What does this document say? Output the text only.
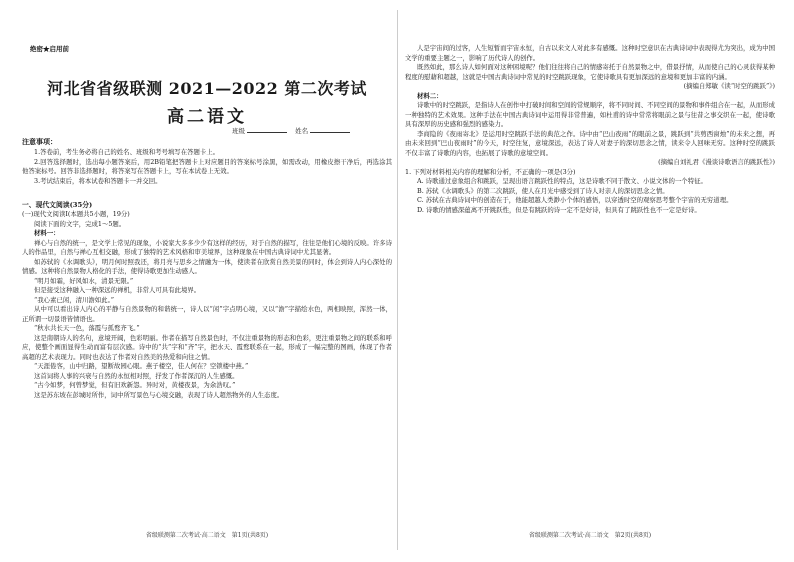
绝密★启用前
河北省省级联测 2021—2022 第二次考试
高二语文
班级	姓名
注意事项：

1.答卷前，考生务必将自己的姓名、班级和考号填写在答题卡上。

2.回答选择题时，选出每小题答案后，用2B铅笔把答题卡上对应题目的答案标号涂黑，如需改动，用橡皮擦干净后，再选涂其他答案标号。回答非选择题时，将答案写在答题卡上，写在本试卷上无效。

3.考试结束后，将本试卷和答题卡一并交回。

一、现代文阅读(35分)

(一)现代文阅读Ⅰ(本题共5小题，19分)

阅读下面的文字，完成1～5题。

材料一：

禅心与自然的统一，是文学上常见的现象，小说家大多多少少有这样的经历，对于自然的描写，往往是他们心境的反映。许多诗人的作品里，自然与禅心互相交融，形成了独特的艺术风格和审美境界，这种现象在中国古典诗词中尤其显著。

如苏轼的《水调歌头》，明月何时照我还，将月亮与思乡之情融为一体，使读者在欣赏自然美景的同时，体会到诗人内心深处的情感。这种将自然景物人格化的手法，使得诗歌更加生动感人。

“明月如霜，好风如水，清景无限。”

但是接受这种融入一种深远的禅机，非常人可具有此境界。

“我心素已闲，清川澹如此。”

从中可以看出诗人内心的平静与自然景物的和谐统一，诗人以“闲”字点明心境，又以“澹”字描绘水色，两相映照，浑然一体，正所谓一切景语皆情语也。

“秋水共长天一色，落霞与孤鹜齐飞。”

这是南朝诗人的名句，意境开阔，色彩明丽。作者在描写自然景色时，不仅注重景物的形态和色彩，更注重景物之间的联系和呼应，使整个画面显得生动而富有层次感。诗中的“共”字和“齐”字，把水天、霞鹜联系在一起，形成了一幅完整的图画，体现了作者高超的艺术表现力。同时也表达了作者对自然美的热爱和向往之情。

“天涯倦客，山中归路，望断故园心眼。燕子楼空，佳人何在？空锁楼中燕。”

这首词将人事的兴衰与自然的永恒相对照，抒发了作者深沉的人生感慨。

“古今如梦，何曾梦觉，但有旧欢新怨。异时对，黄楼夜景，为余浩叹。”

这是苏东坡在彭城时所作，词中所写景色与心境交融，表现了诗人超然物外的人生态度。

省级联测第二次考试·高二语文　第1页(共8页)

人是宇宙间的过客，人生短暂而宇宙永恒，自古以来文人对此多有感慨。这种时空意识在古典诗词中表现得尤为突出，成为中国文学的重要主题之一，影响了历代诗人的创作。

既然如此，那么诗人如何面对这种困境呢？他们往往将自己的情感寄托于自然景物之中，借景抒情，从而使自己的心灵获得某种程度的慰藉和超越，这就是中国古典诗词中常见的时空跳跃现象，它使诗歌具有更加深远的意境和更加丰富的内涵。

(摘编自郑敏《读“时空的跳跃”》)

材料二：

诗歌中的时空跳跃，是指诗人在创作中打破时间和空间的常规顺序，将不同时间、不同空间的景物和事件组合在一起，从而形成一种独特的艺术效果。这种手法在中国古典诗词中运用得非常普遍，如杜甫的诗中常常将眼前之景与往昔之事交织在一起，使诗歌具有深厚的历史感和强烈的感染力。

李商隐的《夜雨寄北》是运用时空跳跃手法的典范之作。诗中由“巴山夜雨”的眼前之景，跳跃到“共剪西窗烛”的未来之想，再由未来回到“巴山夜雨时”的今天，时空往复，意境深远，表达了诗人对妻子的深切思念之情，读来令人回味无穷。这种时空的跳跃不仅丰富了诗歌的内容，也拓展了诗歌的意境空间。

(摘编自刘礼君《漫谈诗歌语言的跳跃性》)

1. 下列对材料相关内容的理解和分析，不正确的一项是(3分)

A. 诗歌通过意象组合和跳跃，呈现出语言跳跃性的特点，这是诗歌不同于散文、小说文体的一个特征。

B. 苏轼《水调歌头》的第二次跳跃，使人在月光中感受到了诗人对亲人的深切思念之情。

C. 苏轼在古典诗词中的创造在于，他能超越人类渺小个体的感悟，以穿透时空的观察思考整个宇宙的无穷道理。

D. 诗歌的情感深蕴离不开跳跃性，但是有跳跃的诗一定不是好诗，但具有了跳跃性也不一定是好诗。

省级联测第二次考试·高二语文　第2页(共8页)
